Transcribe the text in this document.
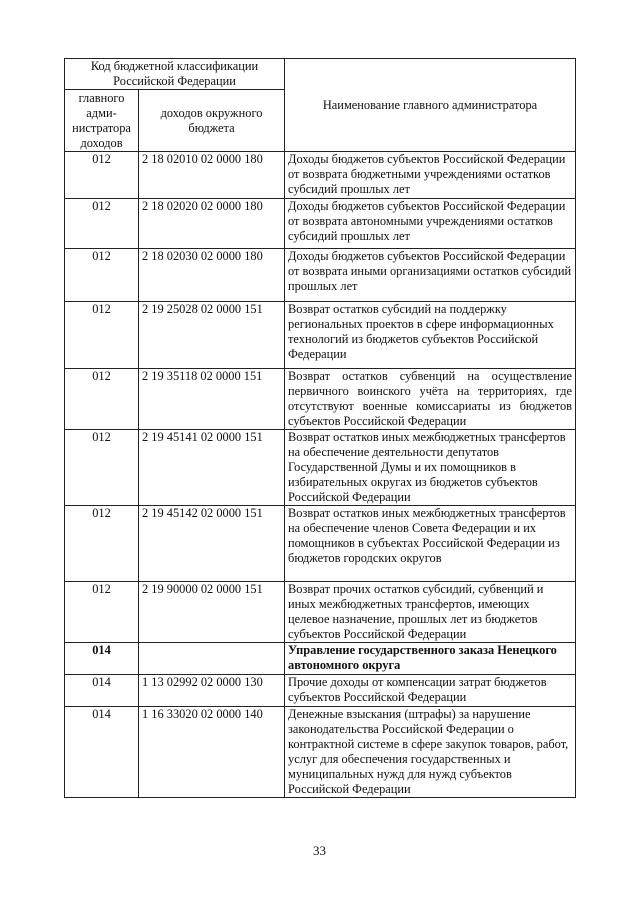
Код бюджетной классификации Российской Федерации		Наименование главного администратора
главного адми-нистратора доходов	доходов окружного бюджета	
012	2 18 02010 02 0000 180	Доходы бюджетов субъектов Российской Федерации от возврата бюджетными учреждениями остатков субсидий прошлых лет
012	2 18 02020 02 0000 180	Доходы бюджетов субъектов Российской Федерации от возврата автономными учреждениями остатков субсидий прошлых лет
012	2 18 02030 02 0000 180	Доходы бюджетов субъектов Российской Федерации от возврата иными организациями остатков субсидий прошлых лет
012	2 19 25028 02 0000 151	Возврат остатков субсидий на поддержку региональных проектов в сфере информационных технологий из бюджетов субъектов Российской Федерации
012	2 19 35118 02 0000 151	Возврат остатков субвенций на осуществление первичного воинского учёта на территориях, где отсутствуют военные комиссариаты из бюджетов субъектов Российской Федерации
012	2 19 45141 02 0000 151	Возврат остатков иных межбюджетных трансфертов на обеспечение деятельности депутатов Государственной Думы и их помощников в избирательных округах из бюджетов субъектов Российской Федерации
012	2 19 45142 02 0000 151	Возврат остатков иных межбюджетных трансфертов на обеспечение членов Совета Федерации и их помощников в субъектах Российской Федерации из бюджетов городских округов
012	2 19 90000 02 0000 151	Возврат прочих остатков субсидий, субвенций и иных межбюджетных трансфертов, имеющих целевое назначение, прошлых лет из бюджетов субъектов Российской Федерации
014		Управление государственного заказа Ненецкого автономного округа
014	1 13 02992 02 0000 130	Прочие доходы от компенсации затрат бюджетов субъектов Российской Федерации
014	1 16 33020 02 0000 140	Денежные взыскания (штрафы) за нарушение законодательства Российской Федерации о контрактной системе в сфере закупок товаров, работ, услуг для обеспечения государственных и муниципальных нужд для нужд субъектов Российской Федерации
33
